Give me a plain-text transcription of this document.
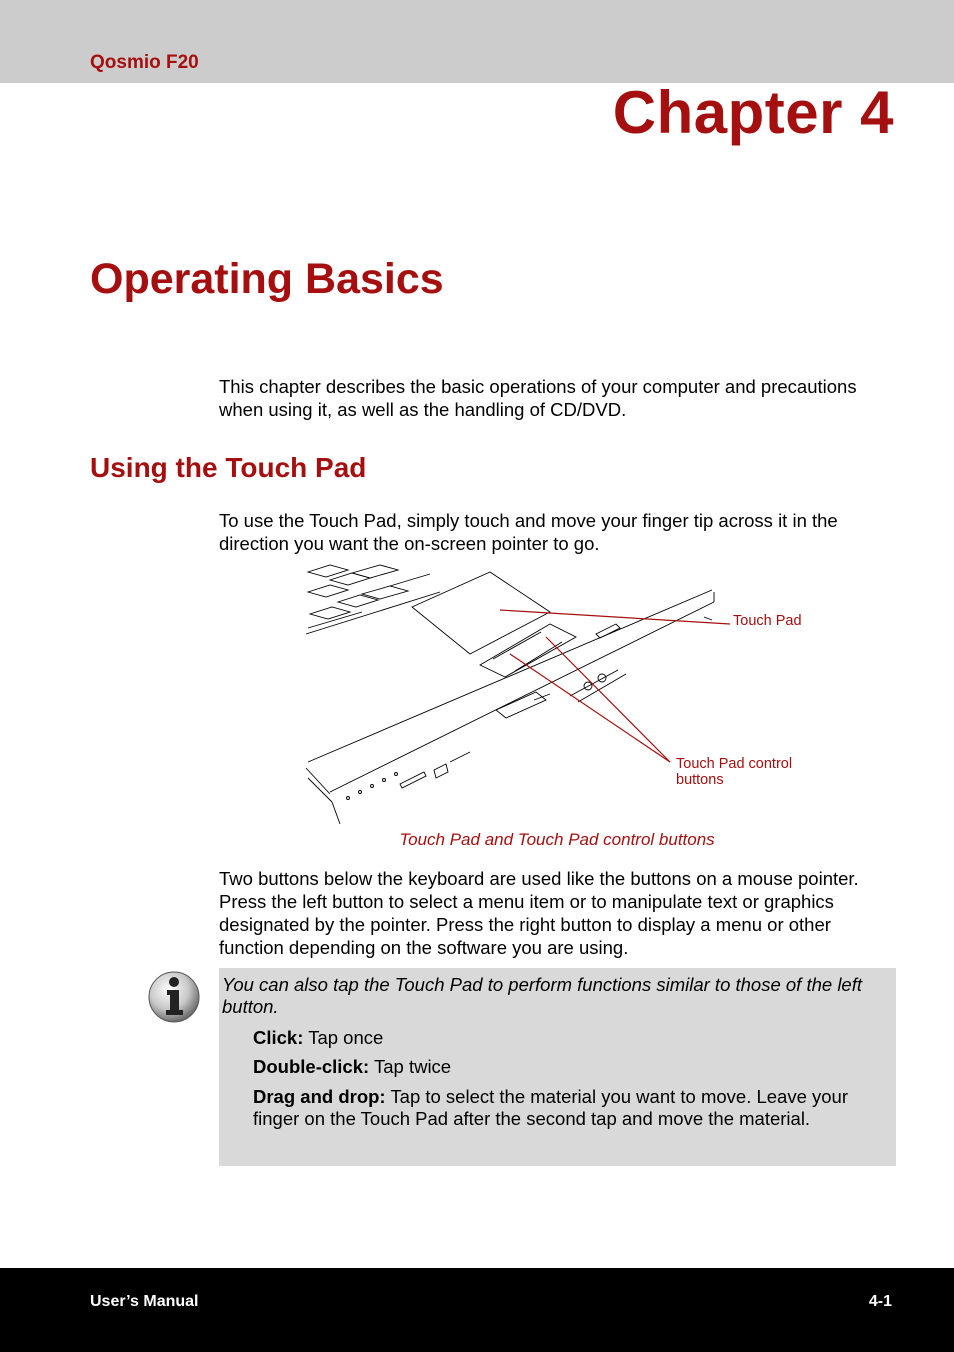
Qosmio F20
Chapter 4
Operating Basics
This chapter describes the basic operations of your computer and precautions when using it, as well as the handling of CD/DVD.
Using the Touch Pad
To use the Touch Pad, simply touch and move your finger tip across it in the direction you want the on-screen pointer to go.
Touch Pad
Touch Pad control
buttons
Touch Pad and Touch Pad control buttons
Two buttons below the keyboard are used like the buttons on a mouse pointer. Press the left button to select a menu item or to manipulate text or graphics designated by the pointer. Press the right button to display a menu or other function depending on the software you are using.
You can also tap the Touch Pad to perform functions similar to those of the left button.
Click: Tap once
Double-click: Tap twice
Drag and drop: Tap to select the material you want to move. Leave your finger on the Touch Pad after the second tap and move the material.
User’s Manual	4-1
